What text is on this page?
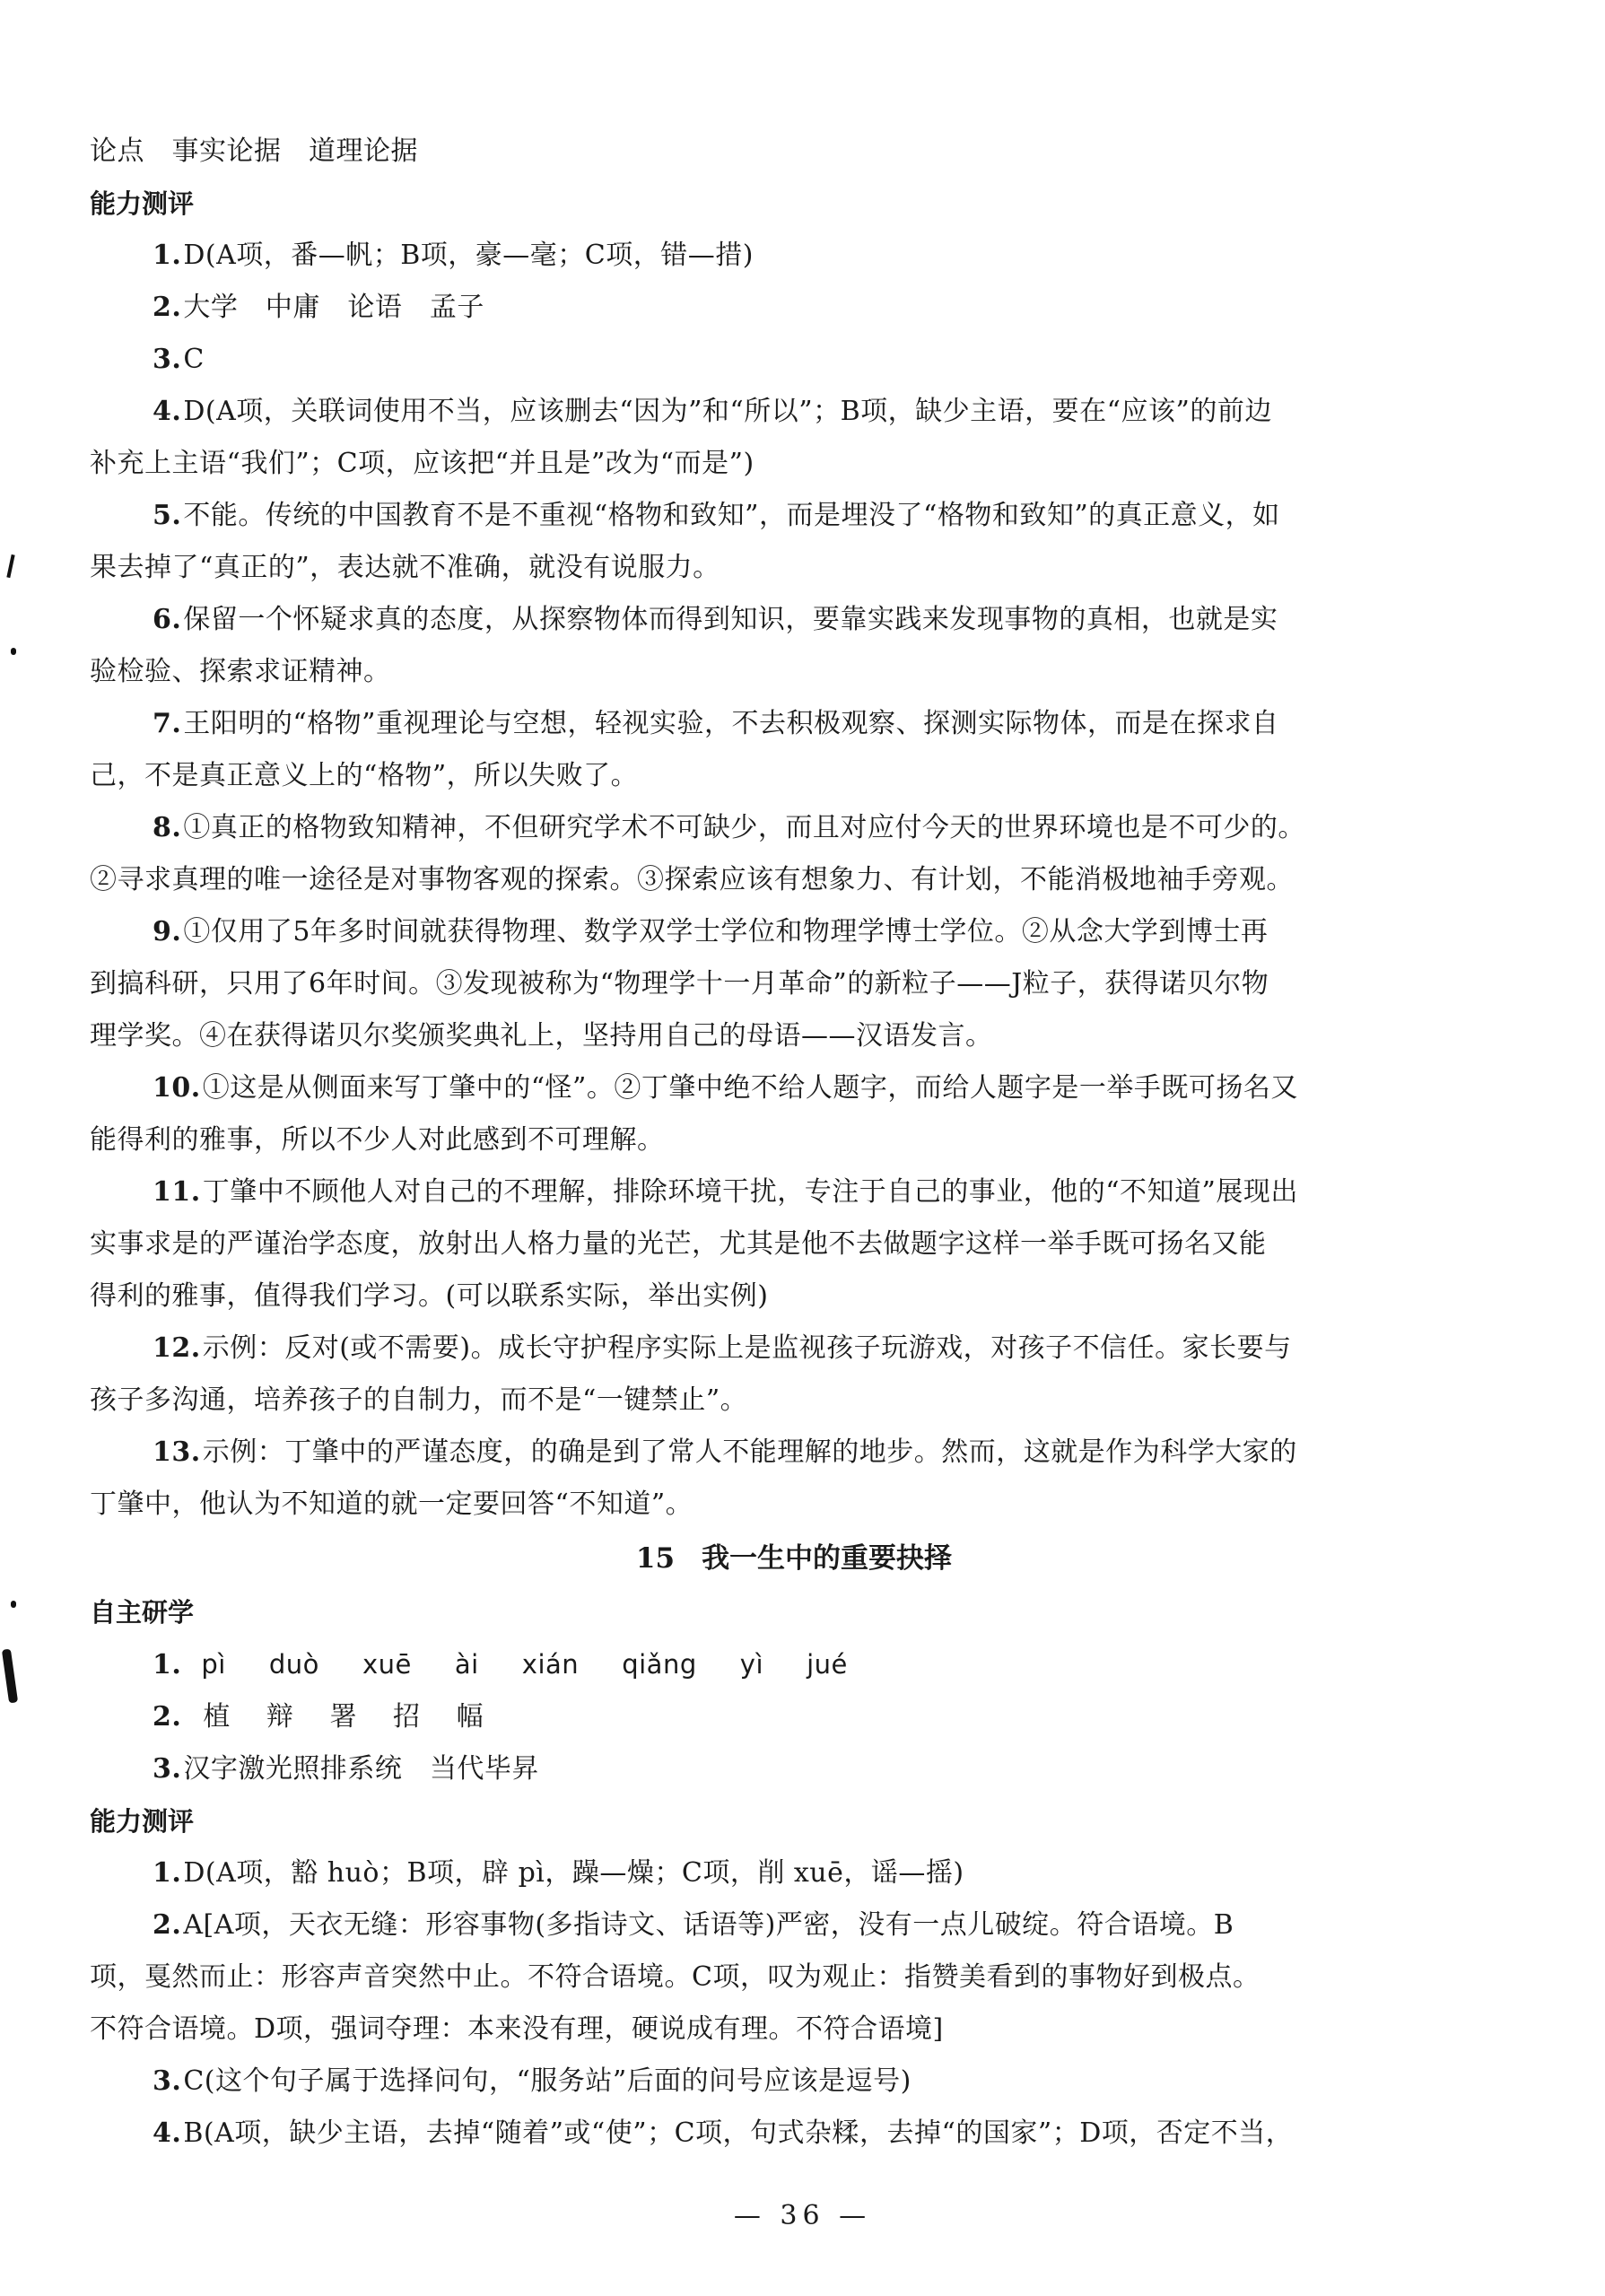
论点　事实论据　道理论据
能力测评
1.D(A项，番—帆；B项，豪—毫；C项，错—措)
2.大学　中庸　论语　孟子
3.C
4.D(A项，关联词使用不当，应该删去“因为”和“所以”；B项，缺少主语，要在“应该”的前边
补充上主语“我们”；C项，应该把“并且是”改为“而是”)
5.不能。传统的中国教育不是不重视“格物和致知”，而是埋没了“格物和致知”的真正意义，如
果去掉了“真正的”，表达就不准确，就没有说服力。
6.保留一个怀疑求真的态度，从探察物体而得到知识，要靠实践来发现事物的真相，也就是实
验检验、探索求证精神。
7.王阳明的“格物”重视理论与空想，轻视实验，不去积极观察、探测实际物体，而是在探求自
己，不是真正意义上的“格物”，所以失败了。
8.①真正的格物致知精神，不但研究学术不可缺少，而且对应付今天的世界环境也是不可少的。
②寻求真理的唯一途径是对事物客观的探索。③探索应该有想象力、有计划，不能消极地袖手旁观。
9.①仅用了5年多时间就获得物理、数学双学士学位和物理学博士学位。②从念大学到博士再
到搞科研，只用了6年时间。③发现被称为“物理学十一月革命”的新粒子——J粒子，获得诺贝尔物
理学奖。④在获得诺贝尔奖颁奖典礼上，坚持用自己的母语——汉语发言。
10.①这是从侧面来写丁肇中的“怪”。②丁肇中绝不给人题字，而给人题字是一举手既可扬名又
能得利的雅事，所以不少人对此感到不可理解。
11.丁肇中不顾他人对自己的不理解，排除环境干扰，专注于自己的事业，他的“不知道”展现出
实事求是的严谨治学态度，放射出人格力量的光芒，尤其是他不去做题字这样一举手既可扬名又能
得利的雅事，值得我们学习。(可以联系实际，举出实例)
12.示例：反对(或不需要)。成长守护程序实际上是监视孩子玩游戏，对孩子不信任。家长要与
孩子多沟通，培养孩子的自制力，而不是“一键禁止”。
13.示例：丁肇中的严谨态度，的确是到了常人不能理解的地步。然而，这就是作为科学大家的
丁肇中，他认为不知道的就一定要回答“不知道”。
15 我一生中的重要抉择
自主研学
1. pì duò xuē ài xián qiǎng yì jué
2. 植 辩 署 招 幅
3.汉字激光照排系统　当代毕昇
能力测评
1.D(A项，豁 huò；B项，辟 pì，躁—燥；C项，削 xuē，谣—摇)
2.A[A项，天衣无缝：形容事物(多指诗文、话语等)严密，没有一点儿破绽。符合语境。B
项，戛然而止：形容声音突然中止。不符合语境。C项，叹为观止：指赞美看到的事物好到极点。
不符合语境。D项，强词夺理：本来没有理，硬说成有理。不符合语境]
3.C(这个句子属于选择问句，“服务站”后面的问号应该是逗号)
4.B(A项，缺少主语，去掉“随着”或“使”；C项，句式杂糅，去掉“的国家”；D项，否定不当，
— 36 —
